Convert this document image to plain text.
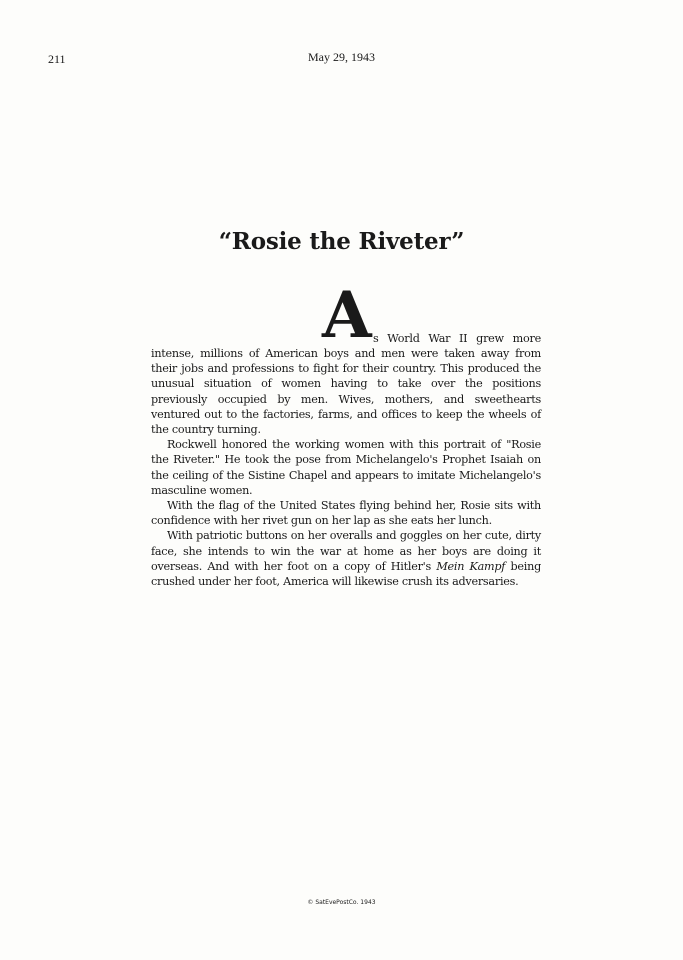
211	May 29, 1943
“Rosie the Riveter”
A s World War II grew more

intense, millions of American boys and men were taken away from their jobs and professions to fight for their country. This produced the unusual situation of women having to take over the positions previously occupied by men. Wives, mothers, and sweethearts ventured out to the factories, farms, and offices to keep the wheels of the country turning.

Rockwell honored the working women with this portrait of "Rosie the Riveter." He took the pose from Michelangelo's Prophet Isaiah on the ceiling of the Sistine Chapel and appears to imitate Michelangelo's masculine women.

With the flag of the United States flying behind her, Rosie sits with confidence with her rivet gun on her lap as she eats her lunch.

With patriotic buttons on her overalls and goggles on her cute, dirty face, she intends to win the war at home as her boys are doing it overseas. And with her foot on a copy of Hitler's Mein Kampf being crushed under her foot, America will likewise crush its adversaries.

© SatEvePostCo. 1943
